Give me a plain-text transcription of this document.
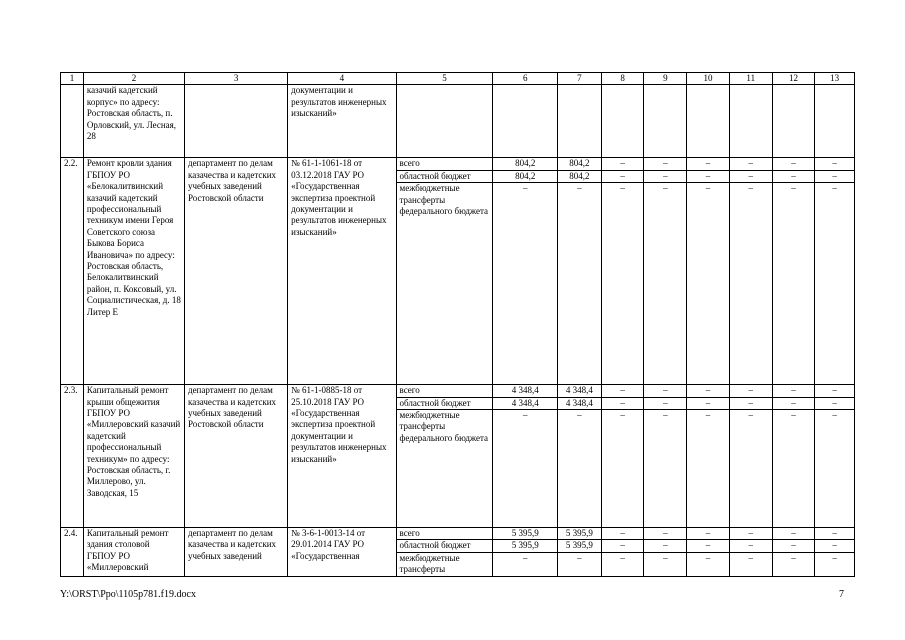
1	2	3	4	5	6	7	8	9	10	11	12	13
	казачий кадетский корпус» по адресу: Ростовская область, п. Орловский, ул. Лесная, 28		документации и результатов инженерных изысканий»									
2.2.	Ремонт кровли здания ГБПОУ РО «Белокалитвинский казачий кадетский профессиональный техникум имени Героя Советского союза Быкова Бориса Ивановича» по адресу: Ростовская область, Белокалитвинский район, п. Коксовый, ул. Социалистическая, д. 18 Литер Е	департамент по делам казачества и кадетских учебных заведений Ростовской области	№ 61-1-1061-18 от 03.12.2018 ГАУ РО «Государственная экспертиза проектной документации и результатов инженерных изысканий»	всего	804,2	804,2	–	–	–	–	–	–
				областной бюджет	804,2	804,2	–	–	–	–	–	–
				межбюджетные трансферты федерального бюджета	–	–	–	–	–	–	–	–
2.3.	Капитальный ремонт крыши общежития ГБПОУ РО «Миллеровский казачий кадетский профессиональный техникум» по адресу: Ростовская область, г. Миллерово, ул. Заводская, 15	департамент по делам казачества и кадетских учебных заведений Ростовской области	№ 61-1-0885-18 от 25.10.2018 ГАУ РО «Государственная экспертиза проектной документации и результатов инженерных изысканий»	всего	4 348,4	4 348,4	–	–	–	–	–	–
				областной бюджет	4 348,4	4 348,4	–	–	–	–	–	–
				межбюджетные трансферты федерального бюджета	–	–	–	–	–	–	–	–
2.4.	Капитальный ремонт здания столовой ГБПОУ РО «Миллеровский	департамент по делам казачества и кадетских учебных заведений	№ 3-6-1-0013-14 от 29.01.2014 ГАУ РО «Государственная	всего	5 395,9	5 395,9	–	–	–	–	–	–
				областной бюджет	5 395,9	5 395,9	–	–	–	–	–	–
				межбюджетные трансферты	–	–	–	–	–	–	–	–
Y:\ORST\Ppo\1105p781.f19.docx	7
